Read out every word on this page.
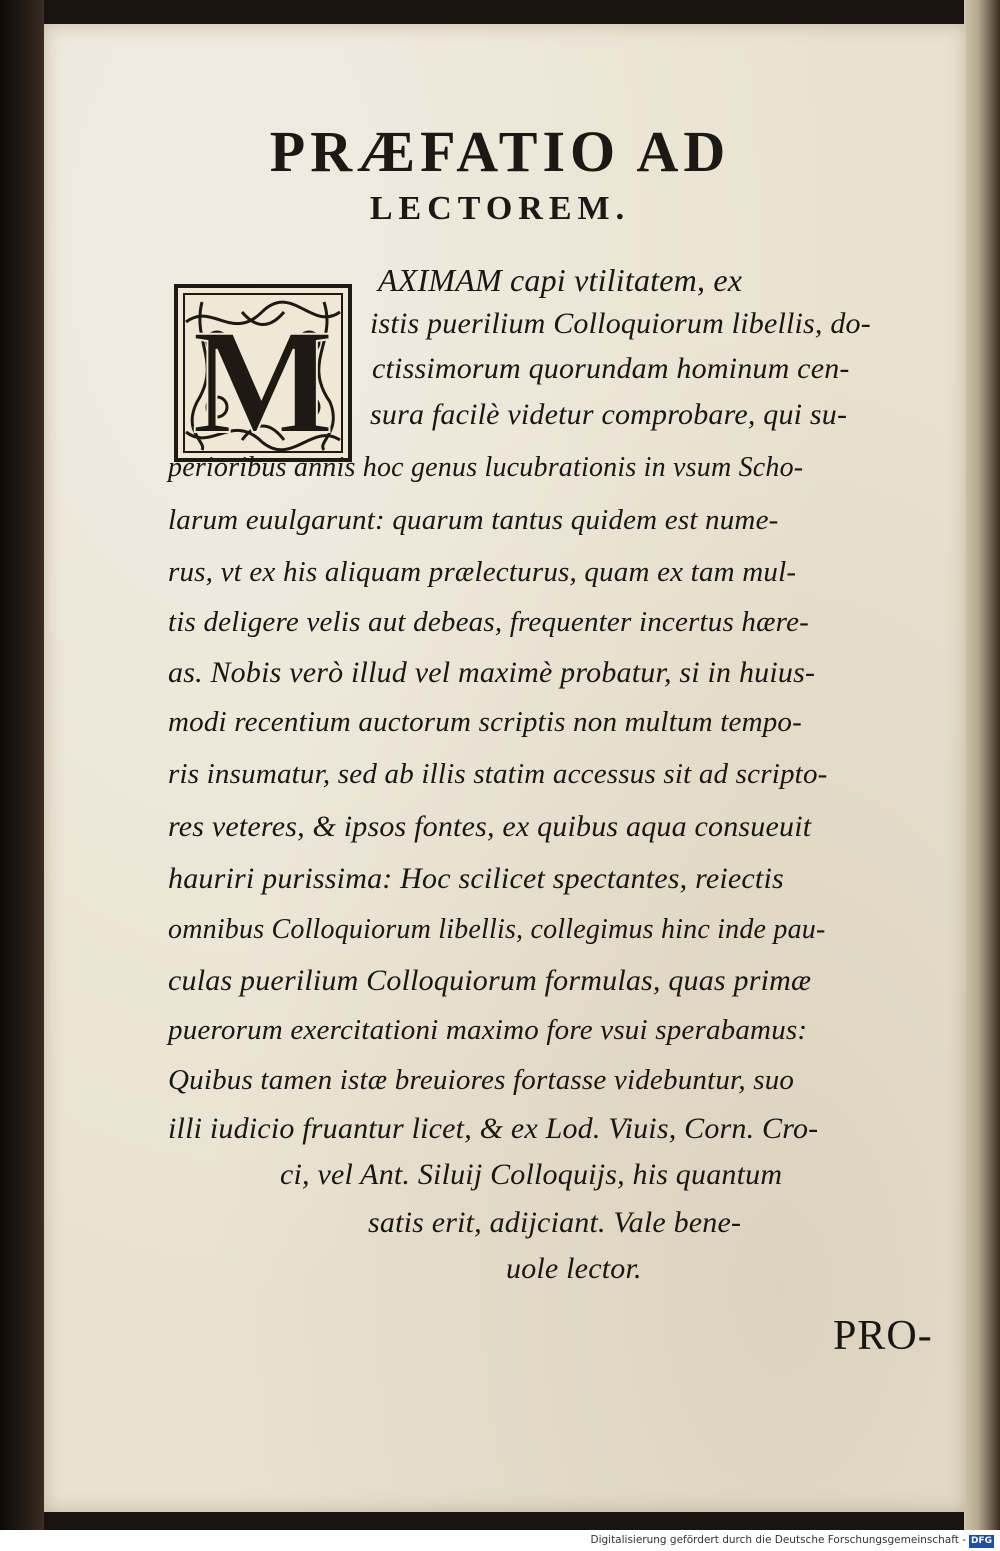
PRÆFATIO AD
LECTOREM.
M
AXIMAM capi vtilitatem, ex
istis puerilium Colloquiorum libellis, do-
ctissimorum quorundam hominum cen-
sura facilè videtur comprobare, qui su-
perioribus annis hoc genus lucubrationis in vsum Scho-
larum euulgarunt: quarum tantus quidem est nume-
rus, vt ex his aliquam prælecturus, quam ex tam mul-
tis deligere velis aut debeas, frequenter incertus hære-
as. Nobis verò illud vel maximè probatur, si in huius-
modi recentium auctorum scriptis non multum tempo-
ris insumatur, sed ab illis statim accessus sit ad scripto-
res veteres, & ipsos fontes, ex quibus aqua consueuit
hauriri purissima: Hoc scilicet spectantes, reiectis
omnibus Colloquiorum libellis, collegimus hinc inde pau-
culas puerilium Colloquiorum formulas, quas primæ
puerorum exercitationi maximo fore vsui sperabamus:
Quibus tamen istæ breuiores fortasse videbuntur, suo
illi iudicio fruantur licet, & ex Lod. Viuis, Corn. Cro-
ci, vel Ant. Siluij Colloquijs, his quantum
satis erit, adijciant. Vale bene-
uole lector.
PRO-
Digitalisierung gefördert durch die Deutsche Forschungsgemeinschaft - DFG
